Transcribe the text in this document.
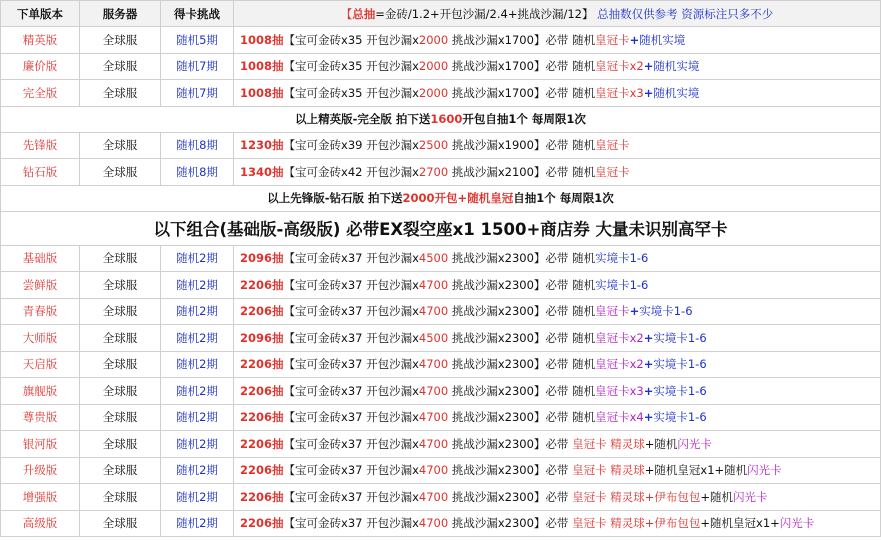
下单版本	服务器	得卡挑战	【总抽=金砖/1.2+开包沙漏/2.4+挑战沙漏/12】 总抽数仅供参考 资源标注只多不少
精英版	全球服	随机5期	1008抽【宝可金砖x35 开包沙漏x2000 挑战沙漏x1700】必带 随机皇冠卡+随机实境
廉价版	全球服	随机7期	1008抽【宝可金砖x35 开包沙漏x2000 挑战沙漏x1700】必带 随机皇冠卡x2+随机实境
完全版	全球服	随机7期	1008抽【宝可金砖x35 开包沙漏x2000 挑战沙漏x1700】必带 随机皇冠卡x3+随机实境
以上精英版-完全版 拍下送1600开包自抽1个 每周限1次			
先锋版	全球服	随机8期	1230抽【宝可金砖x39 开包沙漏x2500 挑战沙漏x1900】必带 随机皇冠卡
钻石版	全球服	随机8期	1340抽【宝可金砖x42 开包沙漏x2700 挑战沙漏x2100】必带 随机皇冠卡
以上先锋版-钻石版 拍下送2000开包+随机皇冠自抽1个 每周限1次			
以下组合(基础版-高级版) 必带EX裂空座x1 1500+商店券 大量未识别高罕卡			
基础版	全球服	随机2期	2096抽【宝可金砖x37 开包沙漏x4500 挑战沙漏x2300】必带 随机实境卡1-6
尝鲜版	全球服	随机2期	2206抽【宝可金砖x37 开包沙漏x4700 挑战沙漏x2300】必带 随机实境卡1-6
青春版	全球服	随机2期	2206抽【宝可金砖x37 开包沙漏x4700 挑战沙漏x2300】必带 随机皇冠卡+实境卡1-6
大师版	全球服	随机2期	2096抽【宝可金砖x37 开包沙漏x4500 挑战沙漏x2300】必带 随机皇冠卡x2+实境卡1-6
天启版	全球服	随机2期	2206抽【宝可金砖x37 开包沙漏x4700 挑战沙漏x2300】必带 随机皇冠卡x2+实境卡1-6
旗舰版	全球服	随机2期	2206抽【宝可金砖x37 开包沙漏x4700 挑战沙漏x2300】必带 随机皇冠卡x3+实境卡1-6
尊贵版	全球服	随机2期	2206抽【宝可金砖x37 开包沙漏x4700 挑战沙漏x2300】必带 随机皇冠卡x4+实境卡1-6
银河版	全球服	随机2期	2206抽【宝可金砖x37 开包沙漏x4700 挑战沙漏x2300】必带 皇冠卡 精灵球+随机闪光卡
升级版	全球服	随机2期	2206抽【宝可金砖x37 开包沙漏x4700 挑战沙漏x2300】必带 皇冠卡 精灵球+随机皇冠x1+随机闪光卡
增强版	全球服	随机2期	2206抽【宝可金砖x37 开包沙漏x4700 挑战沙漏x2300】必带 皇冠卡 精灵球+伊布包包+随机闪光卡
高级版	全球服	随机2期	2206抽【宝可金砖x37 开包沙漏x4700 挑战沙漏x2300】必带 皇冠卡 精灵球+伊布包包+随机皇冠x1+闪光卡
